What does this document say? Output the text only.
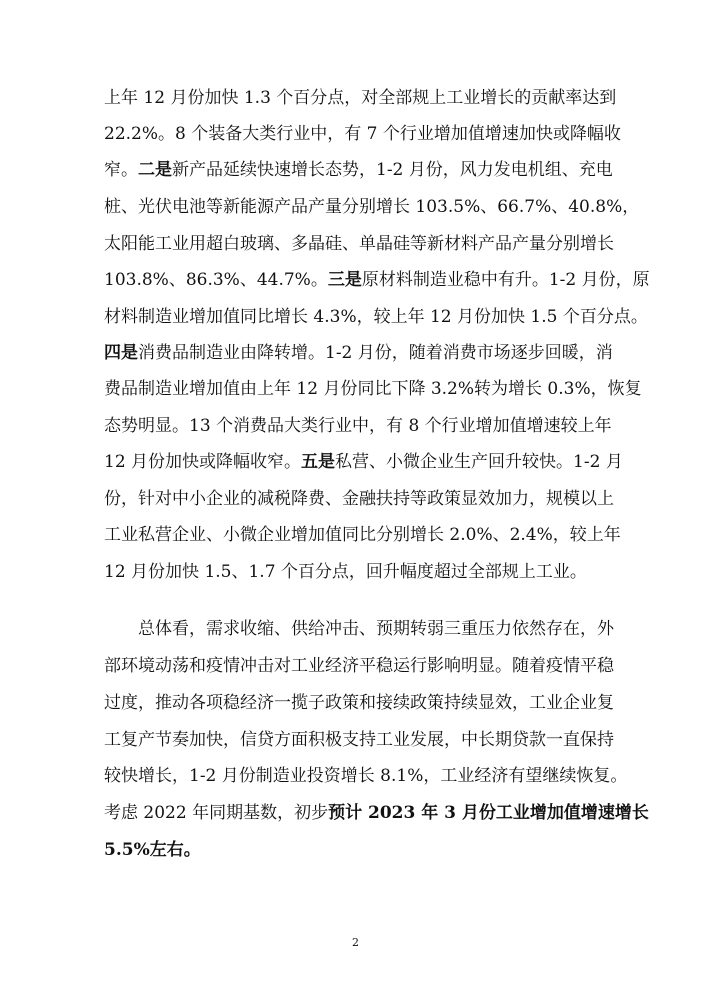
上年 12 月份加快 1.3 个百分点，对全部规上工业增长的贡献率达到
22.2%。8 个装备大类行业中，有 7 个行业增加值增速加快或降幅收
窄。二是新产品延续快速增长态势，1-2 月份，风力发电机组、充电
桩、光伏电池等新能源产品产量分别增长 103.5%、66.7%、40.8%，
太阳能工业用超白玻璃、多晶硅、单晶硅等新材料产品产量分别增长
103.8%、86.3%、44.7%。三是原材料制造业稳中有升。1-2 月份，原
材料制造业增加值同比增长 4.3%，较上年 12 月份加快 1.5 个百分点。
四是消费品制造业由降转增。1-2 月份，随着消费市场逐步回暖，消
费品制造业增加值由上年 12 月份同比下降 3.2%转为增长 0.3%，恢复
态势明显。13 个消费品大类行业中，有 8 个行业增加值增速较上年
12 月份加快或降幅收窄。五是私营、小微企业生产回升较快。1-2 月
份，针对中小企业的减税降费、金融扶持等政策显效加力，规模以上
工业私营企业、小微企业增加值同比分别增长 2.0%、2.4%，较上年
12 月份加快 1.5、1.7 个百分点，回升幅度超过全部规上工业。
总体看，需求收缩、供给冲击、预期转弱三重压力依然存在，外
部环境动荡和疫情冲击对工业经济平稳运行影响明显。随着疫情平稳
过度，推动各项稳经济一揽子政策和接续政策持续显效，工业企业复
工复产节奏加快，信贷方面积极支持工业发展，中长期贷款一直保持
较快增长，1-2 月份制造业投资增长 8.1%，工业经济有望继续恢复。
考虑 2022 年同期基数，初步预计 2023 年 3 月份工业增加值增速增长
5.5%左右。
2
